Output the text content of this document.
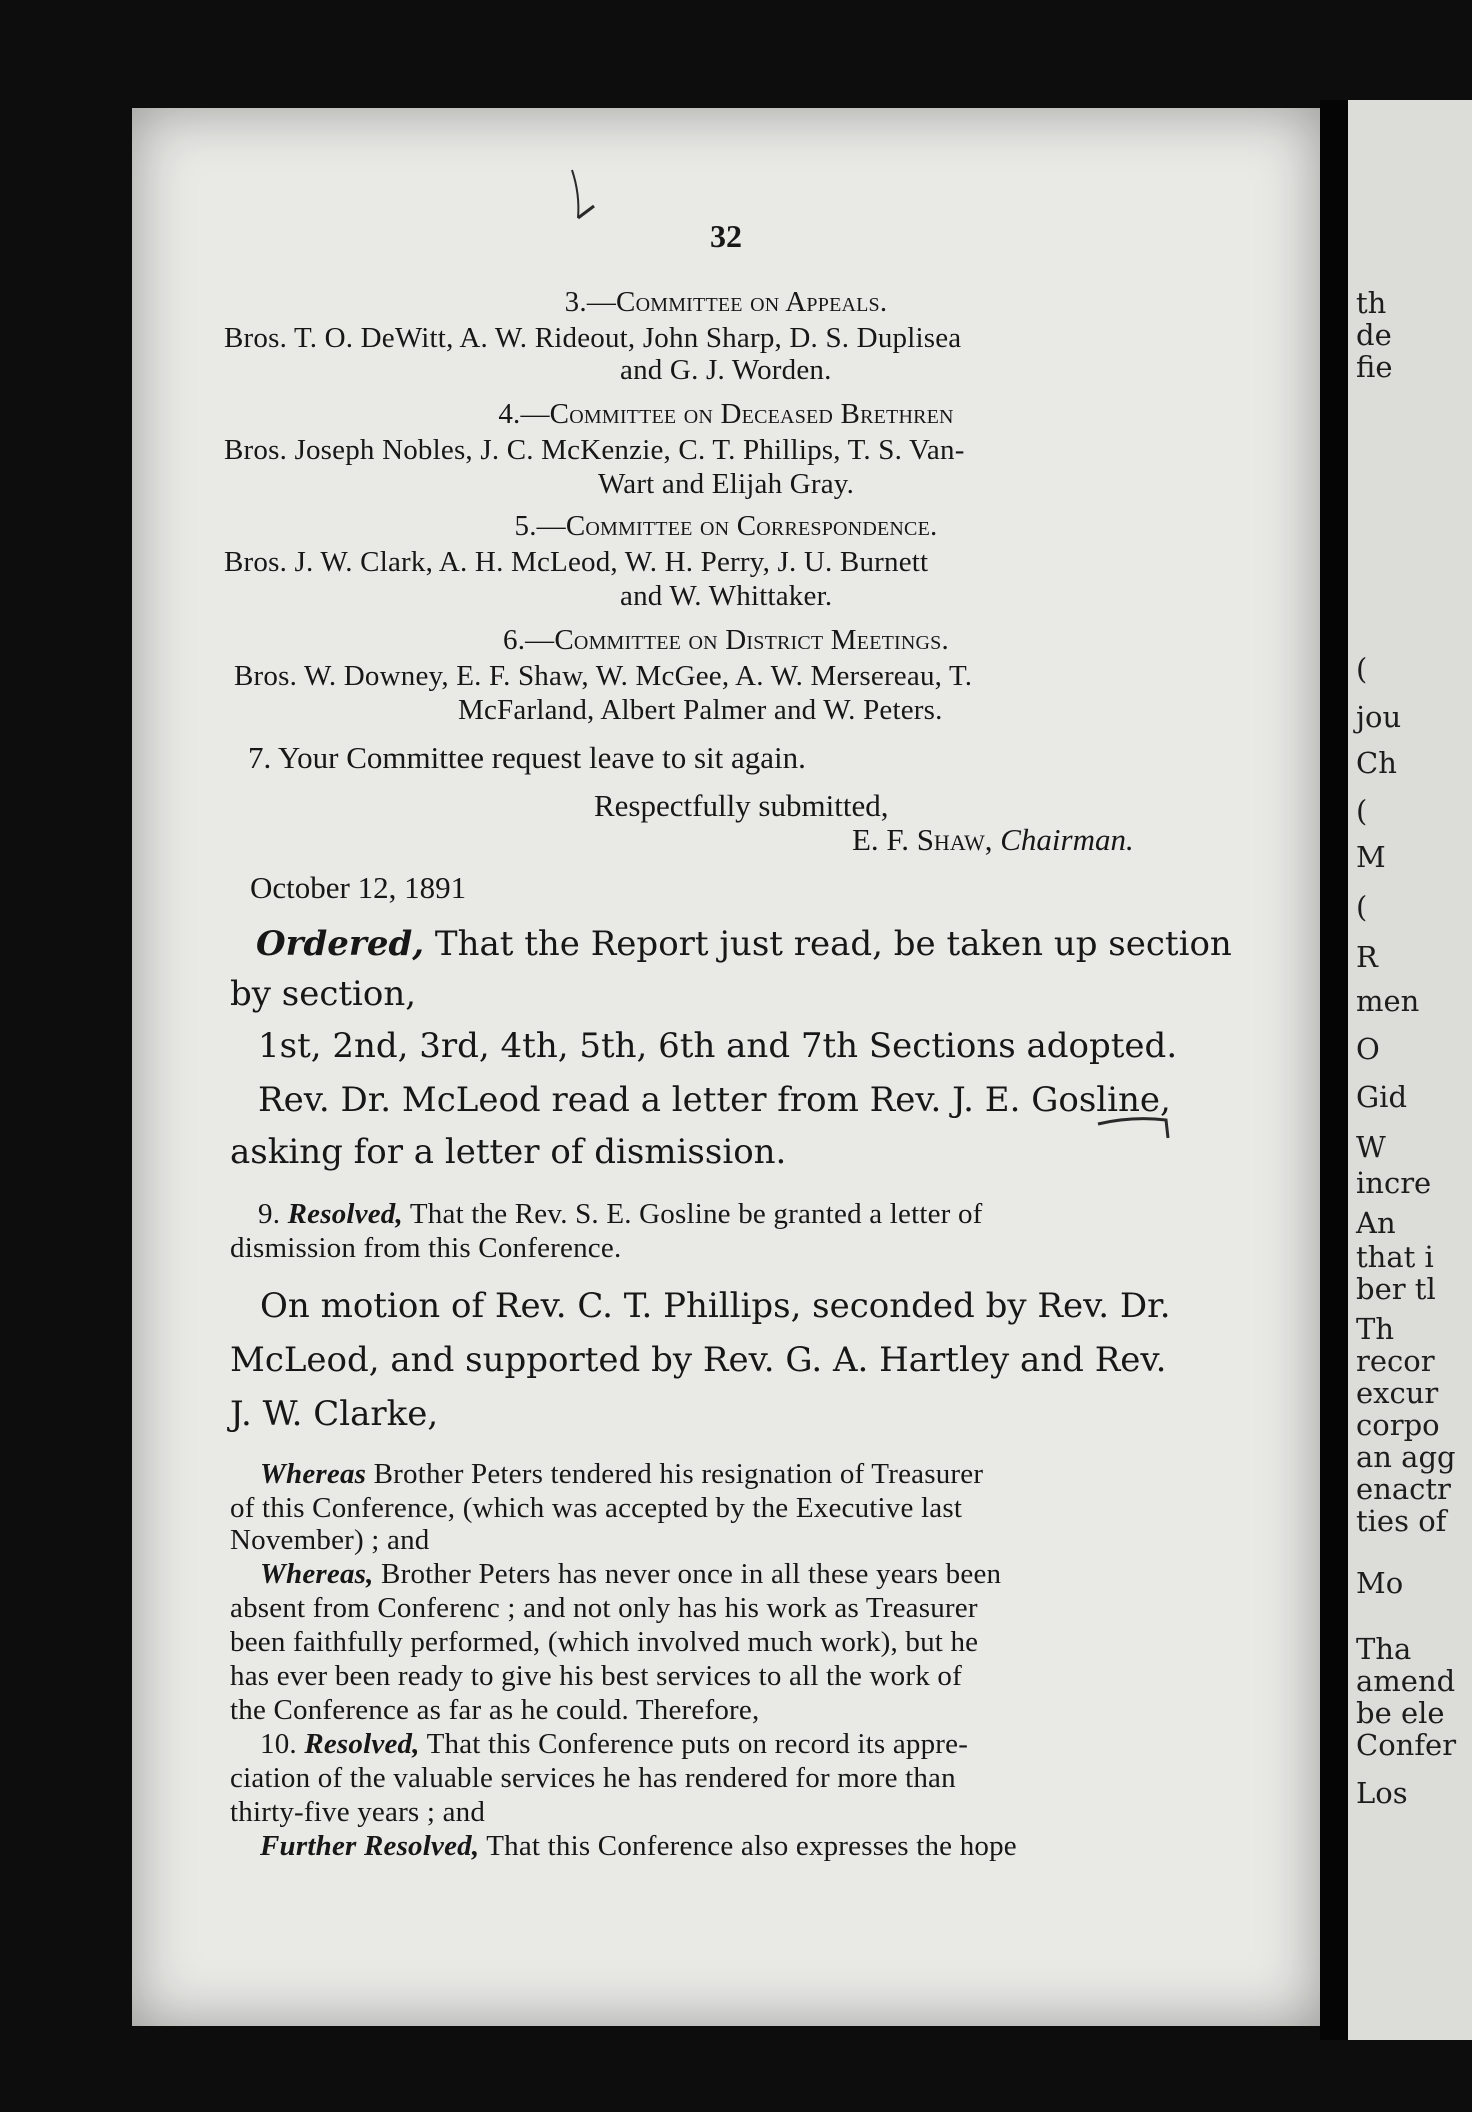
32
3.—Committee on Appeals.
Bros. T. O. DeWitt, A. W. Rideout, John Sharp, D. S. Duplisea
and G. J. Worden.
4.—Committee on Deceased Brethren
Bros. Joseph Nobles, J. C. McKenzie, C. T. Phillips, T. S. Van-
Wart and Elijah Gray.
5.—Committee on Correspondence.
Bros. J. W. Clark, A. H. McLeod, W. H. Perry, J. U. Burnett
and W. Whittaker.
6.—Committee on District Meetings.
Bros. W. Downey, E. F. Shaw, W. McGee, A. W. Mersereau, T.
McFarland, Albert Palmer and W. Peters.
7. Your Committee request leave to sit again.
Respectfully submitted,
E. F. Shaw, Chairman.
October 12, 1891
Ordered, That the Report just read, be taken up section
by section,
1st, 2nd, 3rd, 4th, 5th, 6th and 7th Sections adopted.
Rev. Dr. McLeod read a letter from Rev. J. E. Gosline,
asking for a letter of dismission.
9. Resolved, That the Rev. S. E. Gosline be granted a letter of
dismission from this Conference.
On motion of Rev. C. T. Phillips, seconded by Rev. Dr.
McLeod, and supported by Rev. G. A. Hartley and Rev.
J. W. Clarke,
Whereas Brother Peters tendered his resignation of Treasurer
of this Conference, (which was accepted by the Executive last
November) ; and
Whereas, Brother Peters has never once in all these years been
absent from Conferenc ; and not only has his work as Treasurer
been faithfully performed, (which involved much work), but he
has ever been ready to give his best services to all the work of
the Conference as far as he could. Therefore,
10. Resolved, That this Conference puts on record its appre-
ciation of the valuable services he has rendered for more than
thirty-five years ; and
Further Resolved, That this Conference also expresses the hope
th
de
fie
(
jou
Ch
(
M
(
R
men
O
Gid
W
incre
An
that i
ber tl
Th
recor
excur
corpo
an agg
enactr
ties of
Mo
Tha
amend
be ele
Confer
Los
